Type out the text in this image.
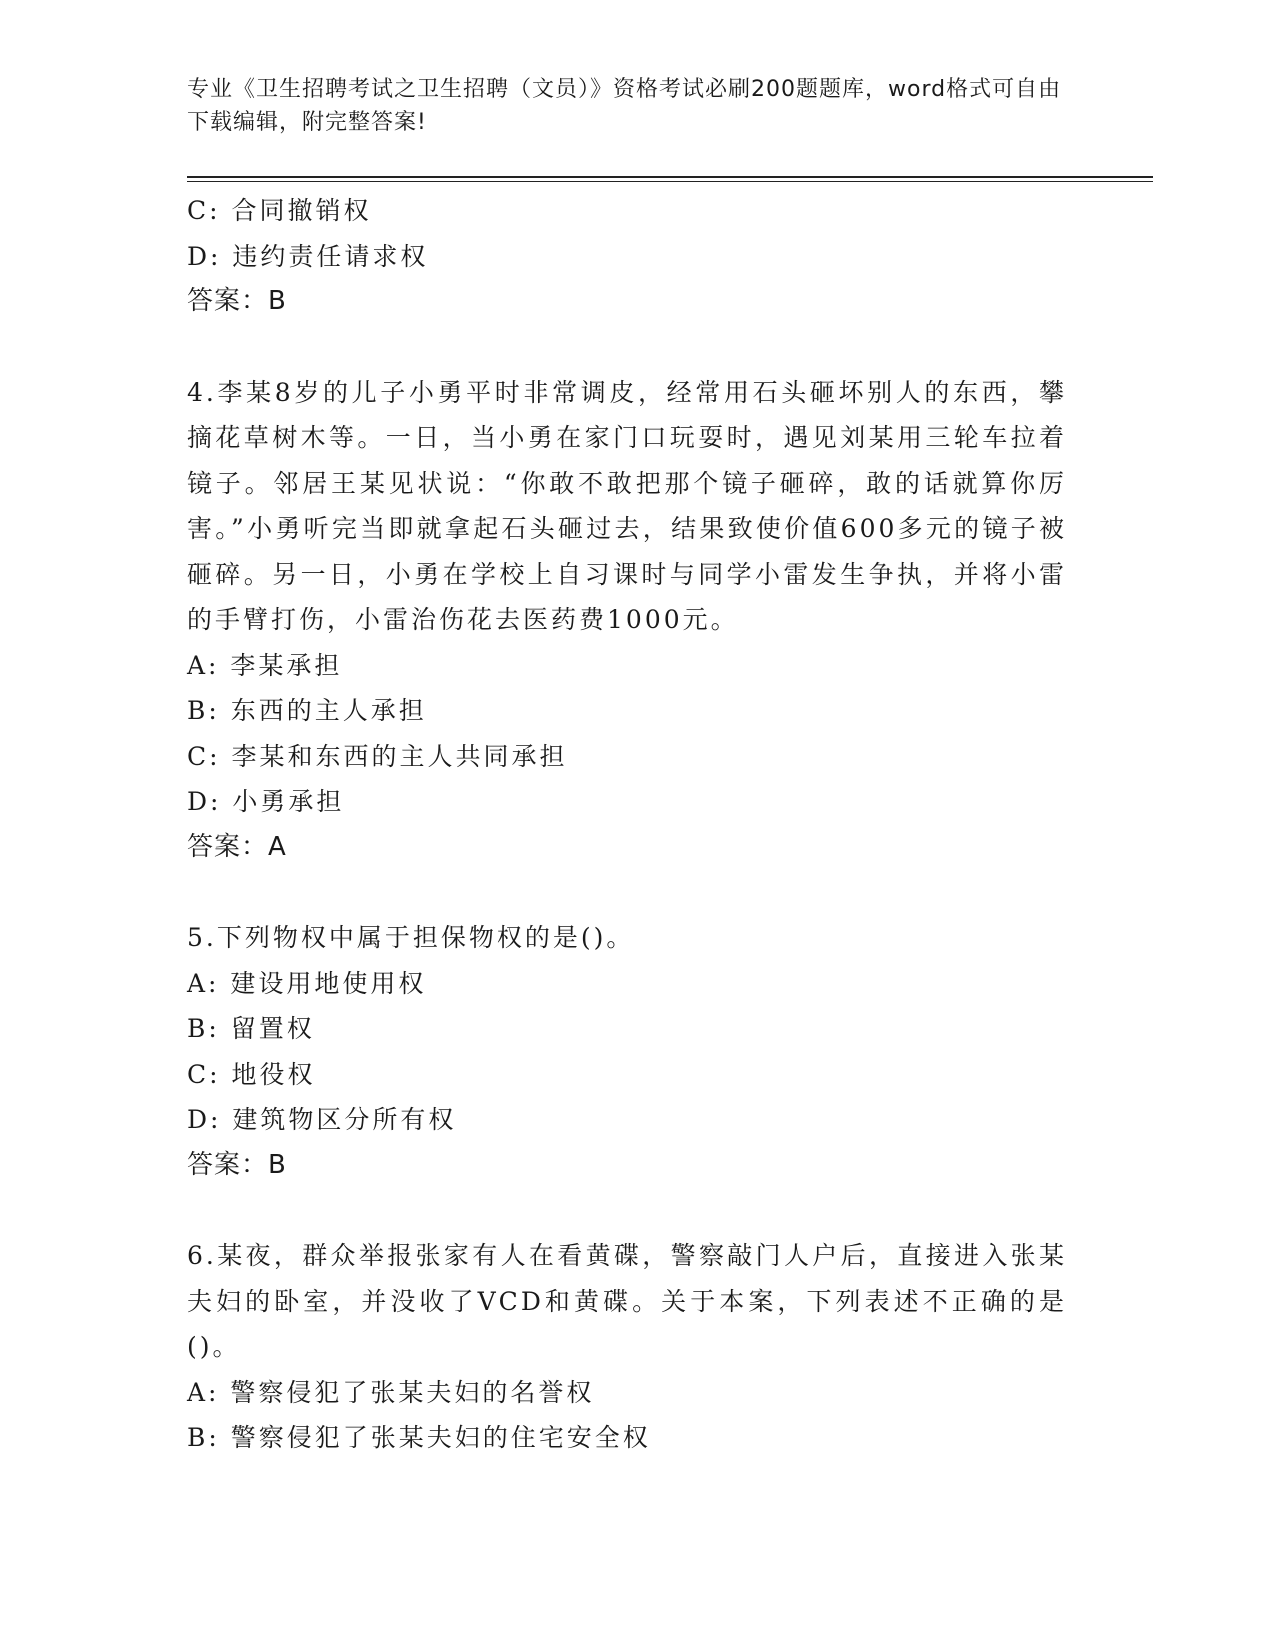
专业《卫生招聘考试之卫生招聘（文员）》资格考试必刷200题题库，word格式可自由下载编辑，附完整答案!
C: 合同撤销权
D: 违约责任请求权
答案：B
4.李某8岁的儿子小勇平时非常调皮，经常用石头砸坏别人的东西，攀摘花草树木等。一日，当小勇在家门口玩耍时，遇见刘某用三轮车拉着镜子。邻居王某见状说：“你敢不敢把那个镜子砸碎，敢的话就算你厉害。”小勇听完当即就拿起石头砸过去，结果致使价值600多元的镜子被砸碎。另一日，小勇在学校上自习课时与同学小雷发生争执，并将小雷的手臂打伤，小雷治伤花去医药费1000元。
A: 李某承担
B: 东西的主人承担
C: 李某和东西的主人共同承担
D: 小勇承担
答案：A
5.下列物权中属于担保物权的是()。
A: 建设用地使用权
B: 留置权
C: 地役权
D: 建筑物区分所有权
答案：B
6.某夜，群众举报张家有人在看黄碟，警察敲门人户后，直接进入张某夫妇的卧室，并没收了VCD和黄碟。关于本案，下列表述不正确的是()。
A: 警察侵犯了张某夫妇的名誉权
B: 警察侵犯了张某夫妇的住宅安全权
